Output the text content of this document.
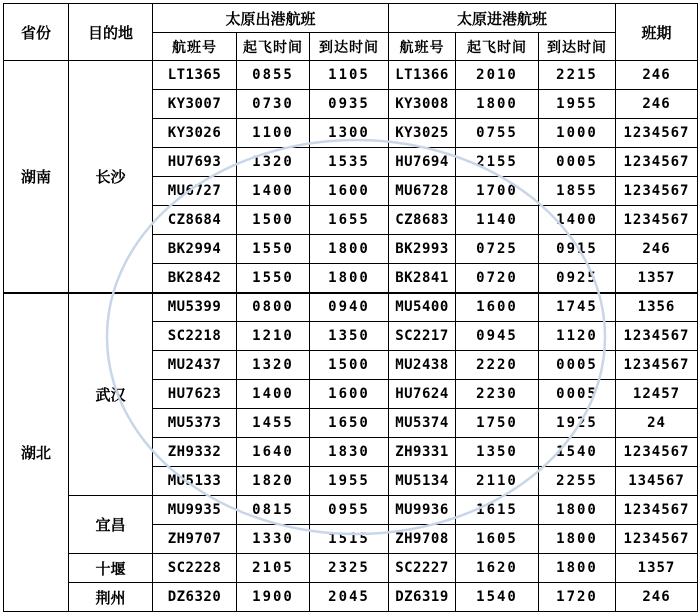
省份	目的地	太原出港航班			太原进港航班			班期
		航班号	起飞时间	到达时间	航班号	起飞时间	到达时间	
湖南	长沙	LT1365	0855	1105	LT1366	2010	2215	246
		KY3007	0730	0935	KY3008	1800	1955	246
		KY3026	1100	1300	KY3025	0755	1000	1234567
		HU7693	1320	1535	HU7694	2155	0005	1234567
		MU6727	1400	1600	MU6728	1700	1855	1234567
		CZ8684	1500	1655	CZ8683	1140	1400	1234567
		BK2994	1550	1800	BK2993	0725	0915	246
		BK2842	1550	1800	BK2841	0720	0925	1357
湖北	武汉	MU5399	0800	0940	MU5400	1600	1745	1356
		SC2218	1210	1350	SC2217	0945	1120	1234567
		MU2437	1320	1500	MU2438	2220	0005	1234567
		HU7623	1400	1600	HU7624	2230	0005	12457
		MU5373	1455	1650	MU5374	1750	1925	24
		ZH9332	1640	1830	ZH9331	1350	1540	1234567
		MU5133	1820	1955	MU5134	2110	2255	134567
	宜昌	MU9935	0815	0955	MU9936	1615	1800	1234567
		ZH9707	1330	1515	ZH9708	1605	1800	1234567
	十堰	SC2228	2105	2325	SC2227	1620	1800	1357
	荆州	DZ6320	1900	2045	DZ6319	1540	1720	246
